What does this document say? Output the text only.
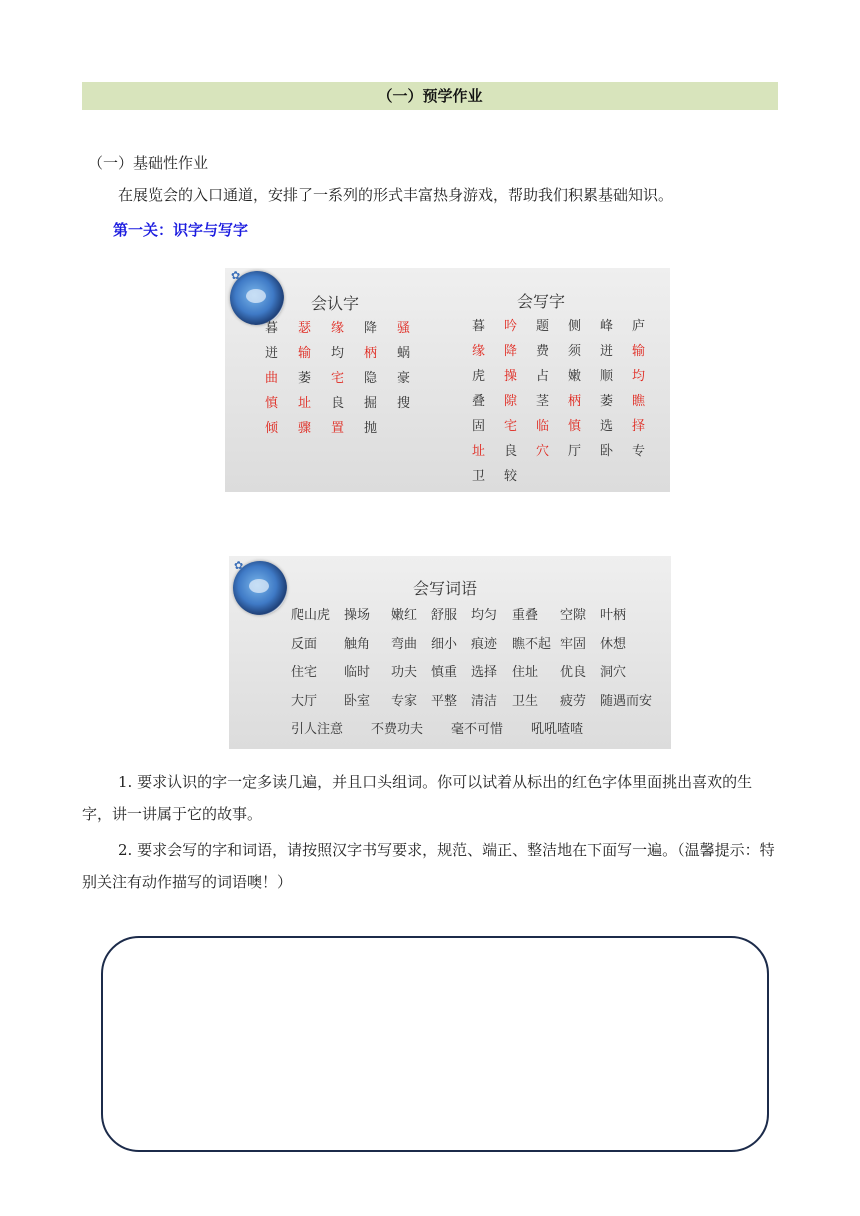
（一）预学作业
（一）基础性作业
在展览会的入口通道，安排了一系列的形式丰富热身游戏，帮助我们积累基础知识。
第一关：识字与写字
✿
会认字	会写字
暮	瑟	缘	降	骚
迸	输	均	柄	蜗
曲	萎	宅	隐	豪
慎	址	良	掘	搜
倾	骤	置	抛
暮	吟	题	侧	峰	庐
缘	降	费	须	迸	输
虎	操	占	嫩	顺	均
叠	隙	茎	柄	萎	瞧
固	宅	临	慎	选	择
址	良	穴	厅	卧	专
卫	较
✿
会写词语
爬山虎 操场 嫩红 舒服 均匀 重叠 空隙 叶柄
反面 触角 弯曲 细小 痕迹 瞧不起 牢固 休想
住宅 临时 功夫 慎重 选择 住址 优良 洞穴
大厅 卧室 专家 平整 清洁 卫生 疲劳 随遇而安
引人注意 不费功夫 毫不可惜 吼吼喳喳
1. 要求认识的字一定多读几遍，并且口头组词。你可以试着从标出的红色字体里面挑出喜欢的生字，讲一讲属于它的故事。
2. 要求会写的字和词语，请按照汉字书写要求，规范、端正、整洁地在下面写一遍。（温馨提示：特别关注有动作描写的词语噢！）
